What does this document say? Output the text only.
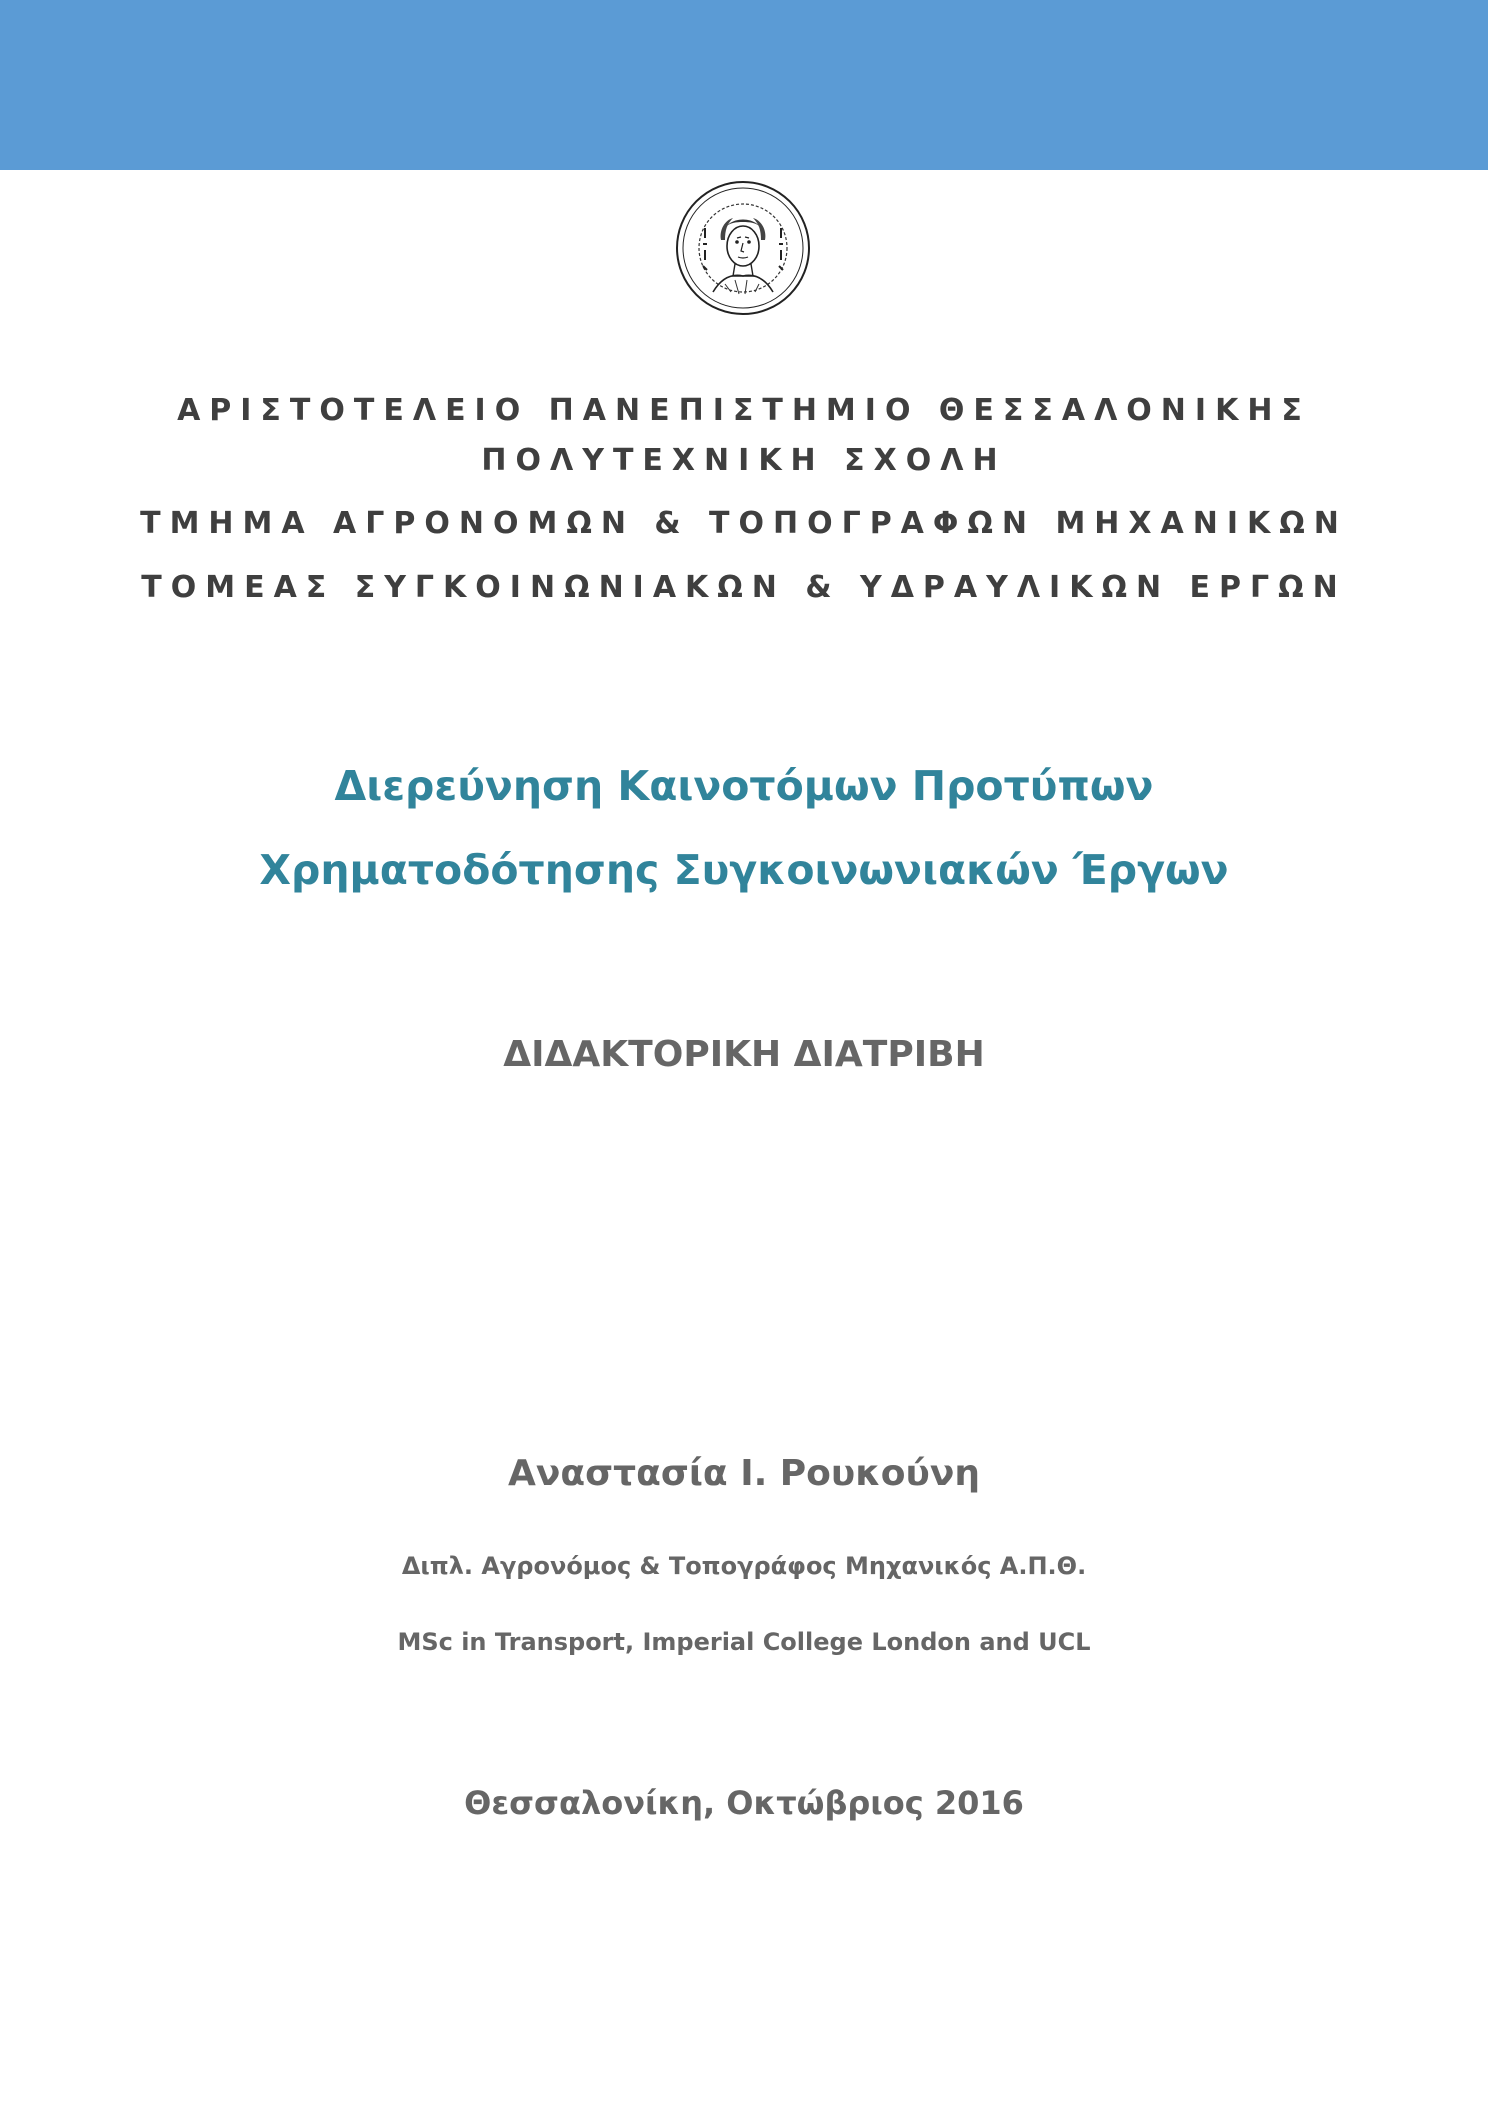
ΑΡΙΣΤΟΤΕΛΕΙΟ ΠΑΝΕΠΙΣΤΗΜΙΟ ΘΕΣΣΑΛΟΝΙΚΗΣ
ΠΟΛΥΤΕΧΝΙΚΗ ΣΧΟΛΗ
ΤΜΗΜΑ ΑΓΡΟΝΟΜΩΝ & ΤΟΠΟΓΡΑΦΩΝ ΜΗΧΑΝΙΚΩΝ
ΤΟΜΕΑΣ ΣΥΓΚΟΙΝΩΝΙΑΚΩΝ & ΥΔΡΑΥΛΙΚΩΝ ΕΡΓΩΝ
Διερεύνηση Καινοτόμων Προτύπων
Χρηματοδότησης Συγκοινωνιακών Έργων
ΔΙΔΑΚΤΟΡΙΚΗ ΔΙΑΤΡΙΒΗ
Αναστασία Ι. Ρουκούνη
Διπλ. Αγρονόμος & Τοπογράφος Μηχανικός Α.Π.Θ.
MSc in Transport, Imperial College London and UCL
Θεσσαλονίκη, Οκτώβριος 2016
